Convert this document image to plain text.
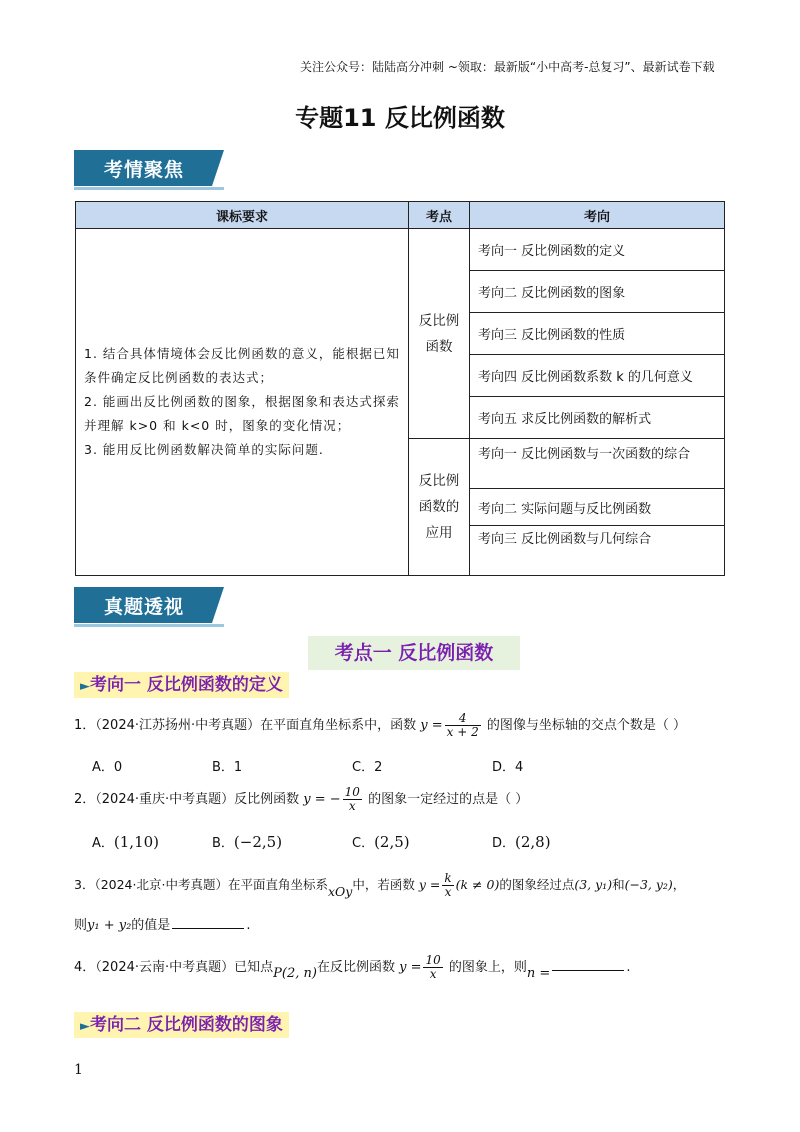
关注公众号：陆陆高分冲刺 ~领取：最新版“小中高考-总复习”、最新试卷下载
专题11 反比例函数
考情聚焦
课标要求	考点	考向

1. 结合具体情境体会反比例函数的意义，能根据已知条件确定反比例函数的表达式；
2. 能画出反比例函数的图象，根据图象和表达式探索并理解 k>0 和 k<0 时，图象的变化情况；
3. 能用反比例函数解决简单的实际问题.	反比例函数	考向一 反比例函数的定义
		考向二 反比例函数的图象
		考向三 反比例函数的性质
		考向四 反比例函数系数 k 的几何意义
		考向五 求反比例函数的解析式

	反比例函数的应用	考向一 反比例函数与一次函数的综合
		考向二 实际问题与反比例函数
		考向三 反比例函数与几何综合
真题透视
考点一 反比例函数
►考向一 反比例函数的定义
1．（2024·江苏扬州·中考真题）在平面直角坐标系中，函数 $y = \frac{4}{x + 2}$ 的图像与坐标轴的交点个数是（ ）
A．0	B．1	C．2	D．4
2．（2024·重庆·中考真题）反比例函数 y = − $\frac{10}{x}$ 的图象一定经过的点是（ ）
A．(1,10)	B．(−2,5)	C．(2,5)	D．(2,8)
3．（2024·北京·中考真题）在平面直角坐标系xOy中，若函数 $y = \frac{k}{x} (k \ne 0)$的图象经过点(3, y₁)和(−3, y₂)，
则y₁ + y₂的值是	.
4．（2024·云南·中考真题）已知点P(2, n)在反比例函数 $y = \frac{10}{x}$ 的图象上，则n =	.
►考向二 反比例函数的图象
1
